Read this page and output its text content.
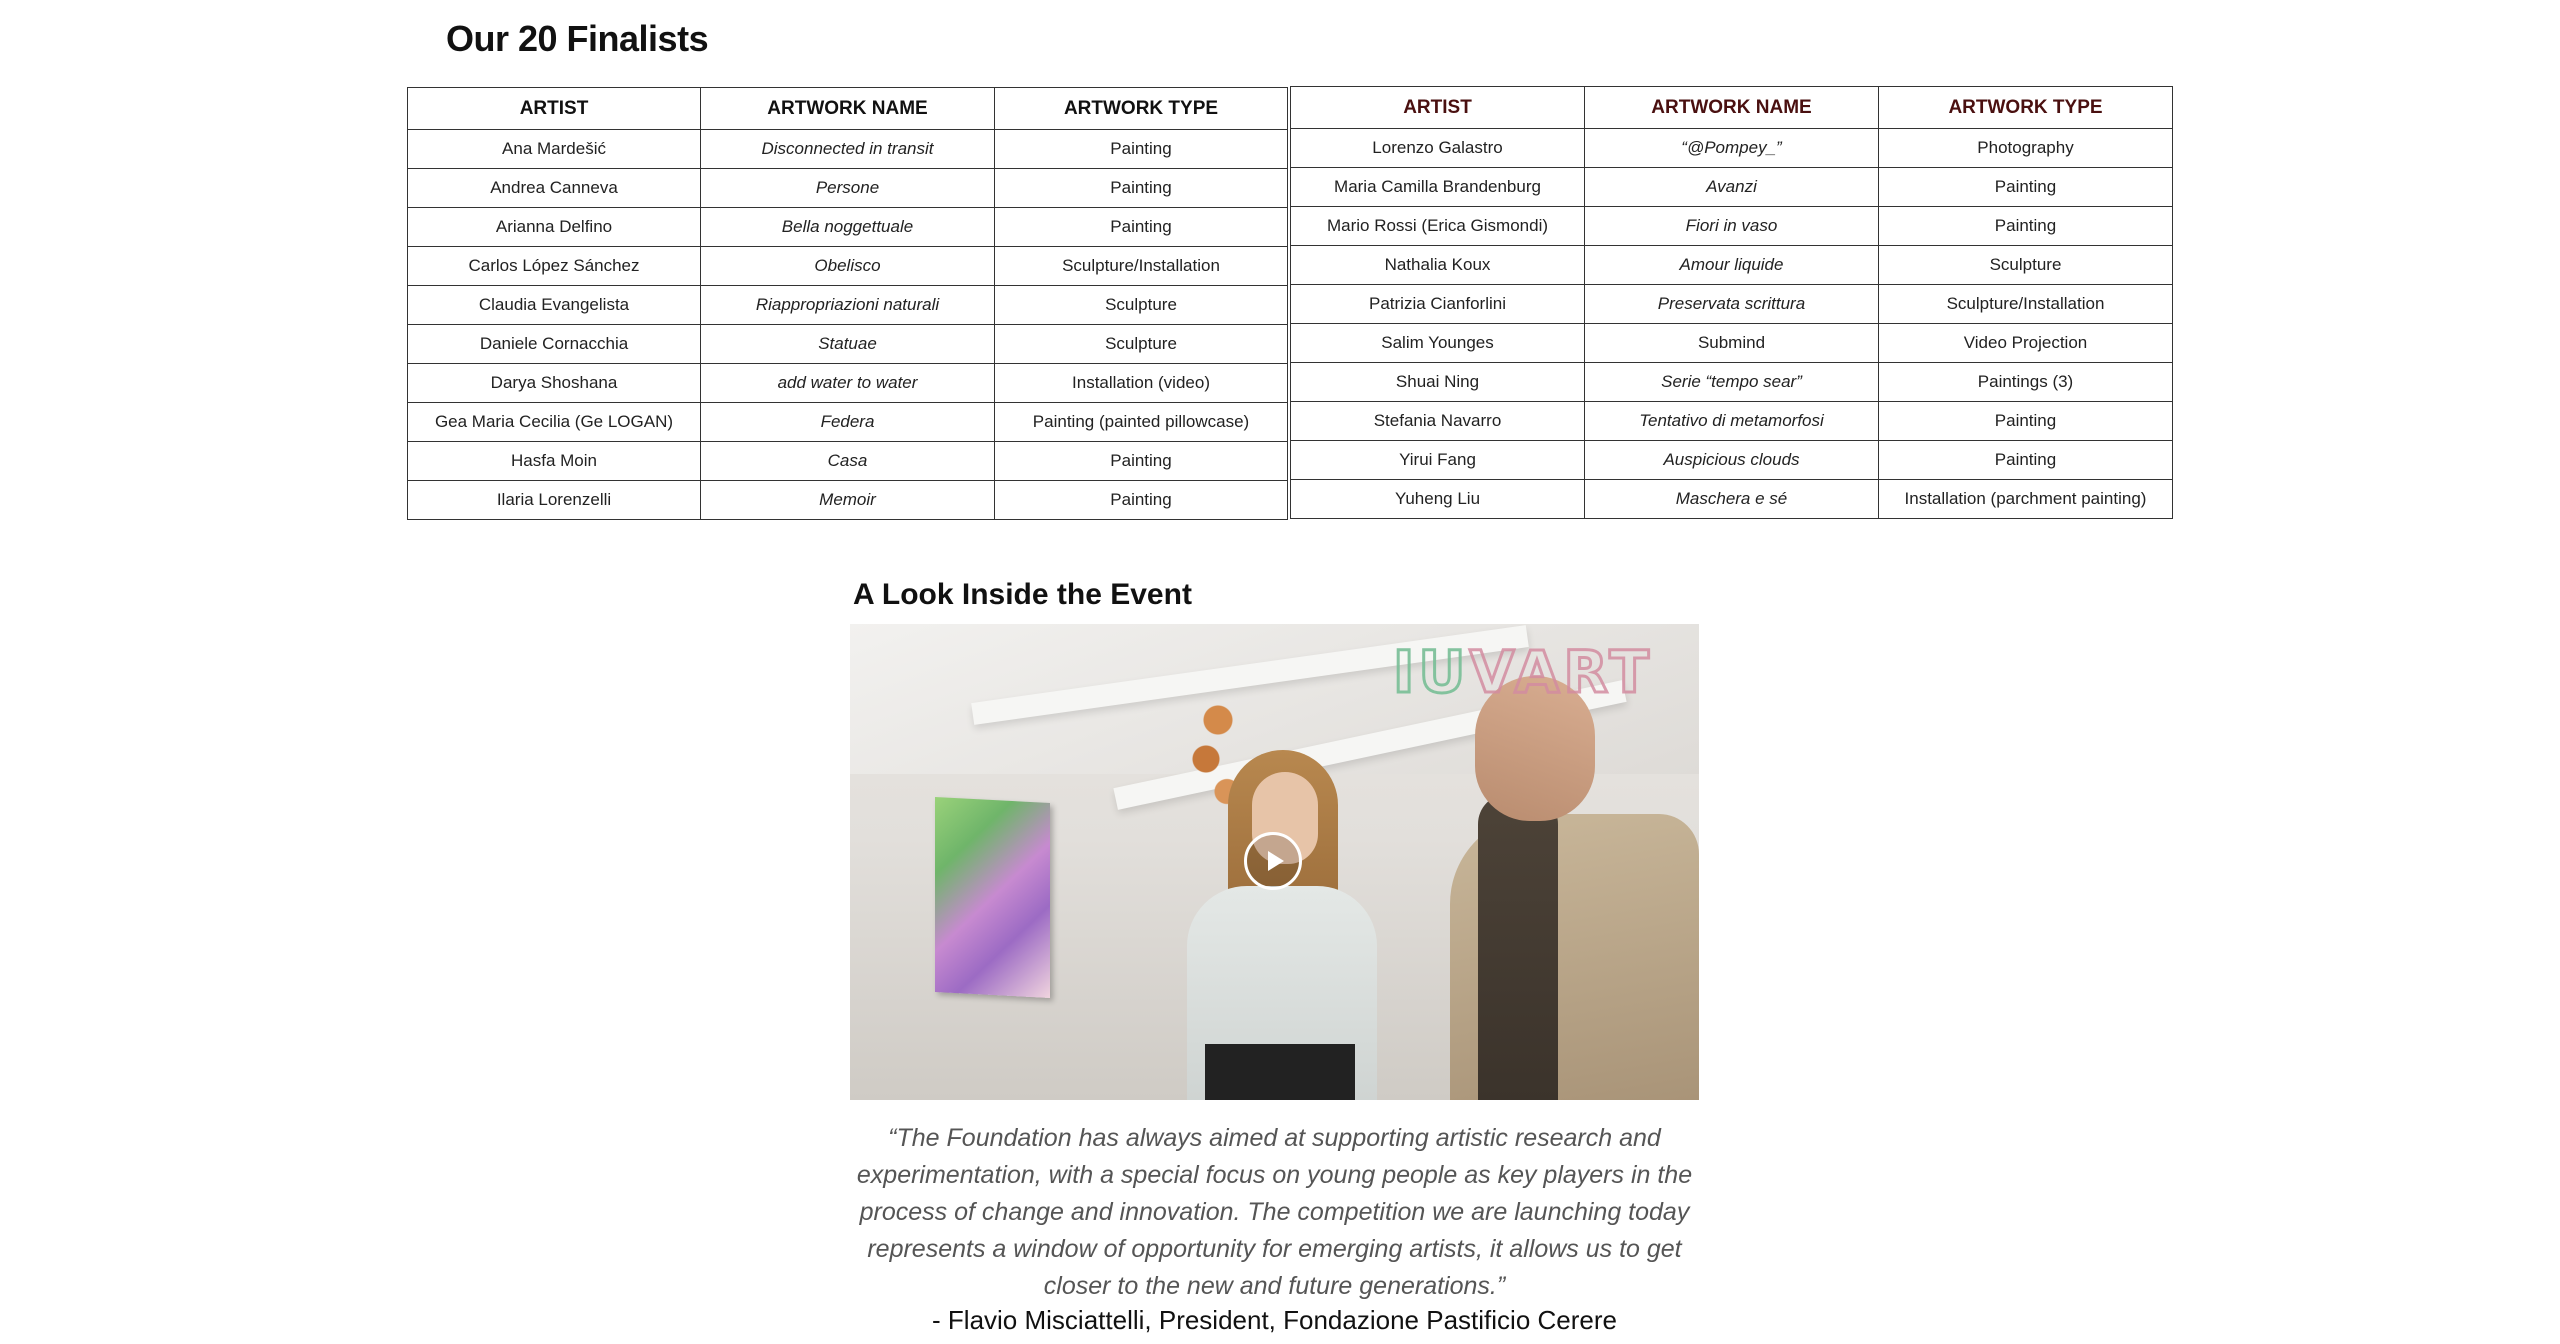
Our 20 Finalists
ARTIST	ARTWORK NAME	ARTWORK TYPE
Ana Mardešić	Disconnected in transit	Painting
Andrea Canneva	Persone	Painting
Arianna Delfino	Bella noggettuale	Painting
Carlos López Sánchez	Obelisco	Sculpture/Installation
Claudia Evangelista	Riappropriazioni naturali	Sculpture
Daniele Cornacchia	Statuae	Sculpture
Darya Shoshana	add water to water	Installation (video)
Gea Maria Cecilia (Ge LOGAN)	Federa	Painting (painted pillowcase)
Hasfa Moin	Casa	Painting
Ilaria Lorenzelli	Memoir	Painting
ARTIST	ARTWORK NAME	ARTWORK TYPE
Lorenzo Galastro	“@Pompey_”	Photography
Maria Camilla Brandenburg	Avanzi	Painting
Mario Rossi (Erica Gismondi)	Fiori in vaso	Painting
Nathalia Koux	Amour liquide	Sculpture
Patrizia Cianforlini	Preservata scrittura	Sculpture/Installation
Salim Younges	Submind	Video Projection
Shuai Ning	Serie “tempo sear”	Paintings (3)
Stefania Navarro	Tentativo di metamorfosi	Painting
Yirui Fang	Auspicious clouds	Painting
Yuheng Liu	Maschera e sé	Installation (parchment painting)
A Look Inside the Event
IUVART

“The Foundation has always aimed at supporting artistic research and experimentation, with a special focus on young people as key players in the process of change and innovation. The competition we are launching today represents a window of opportunity for emerging artists, it allows us to get closer to the new and future generations.”

- Flavio Misciattelli, President, Fondazione Pastificio Cerere
